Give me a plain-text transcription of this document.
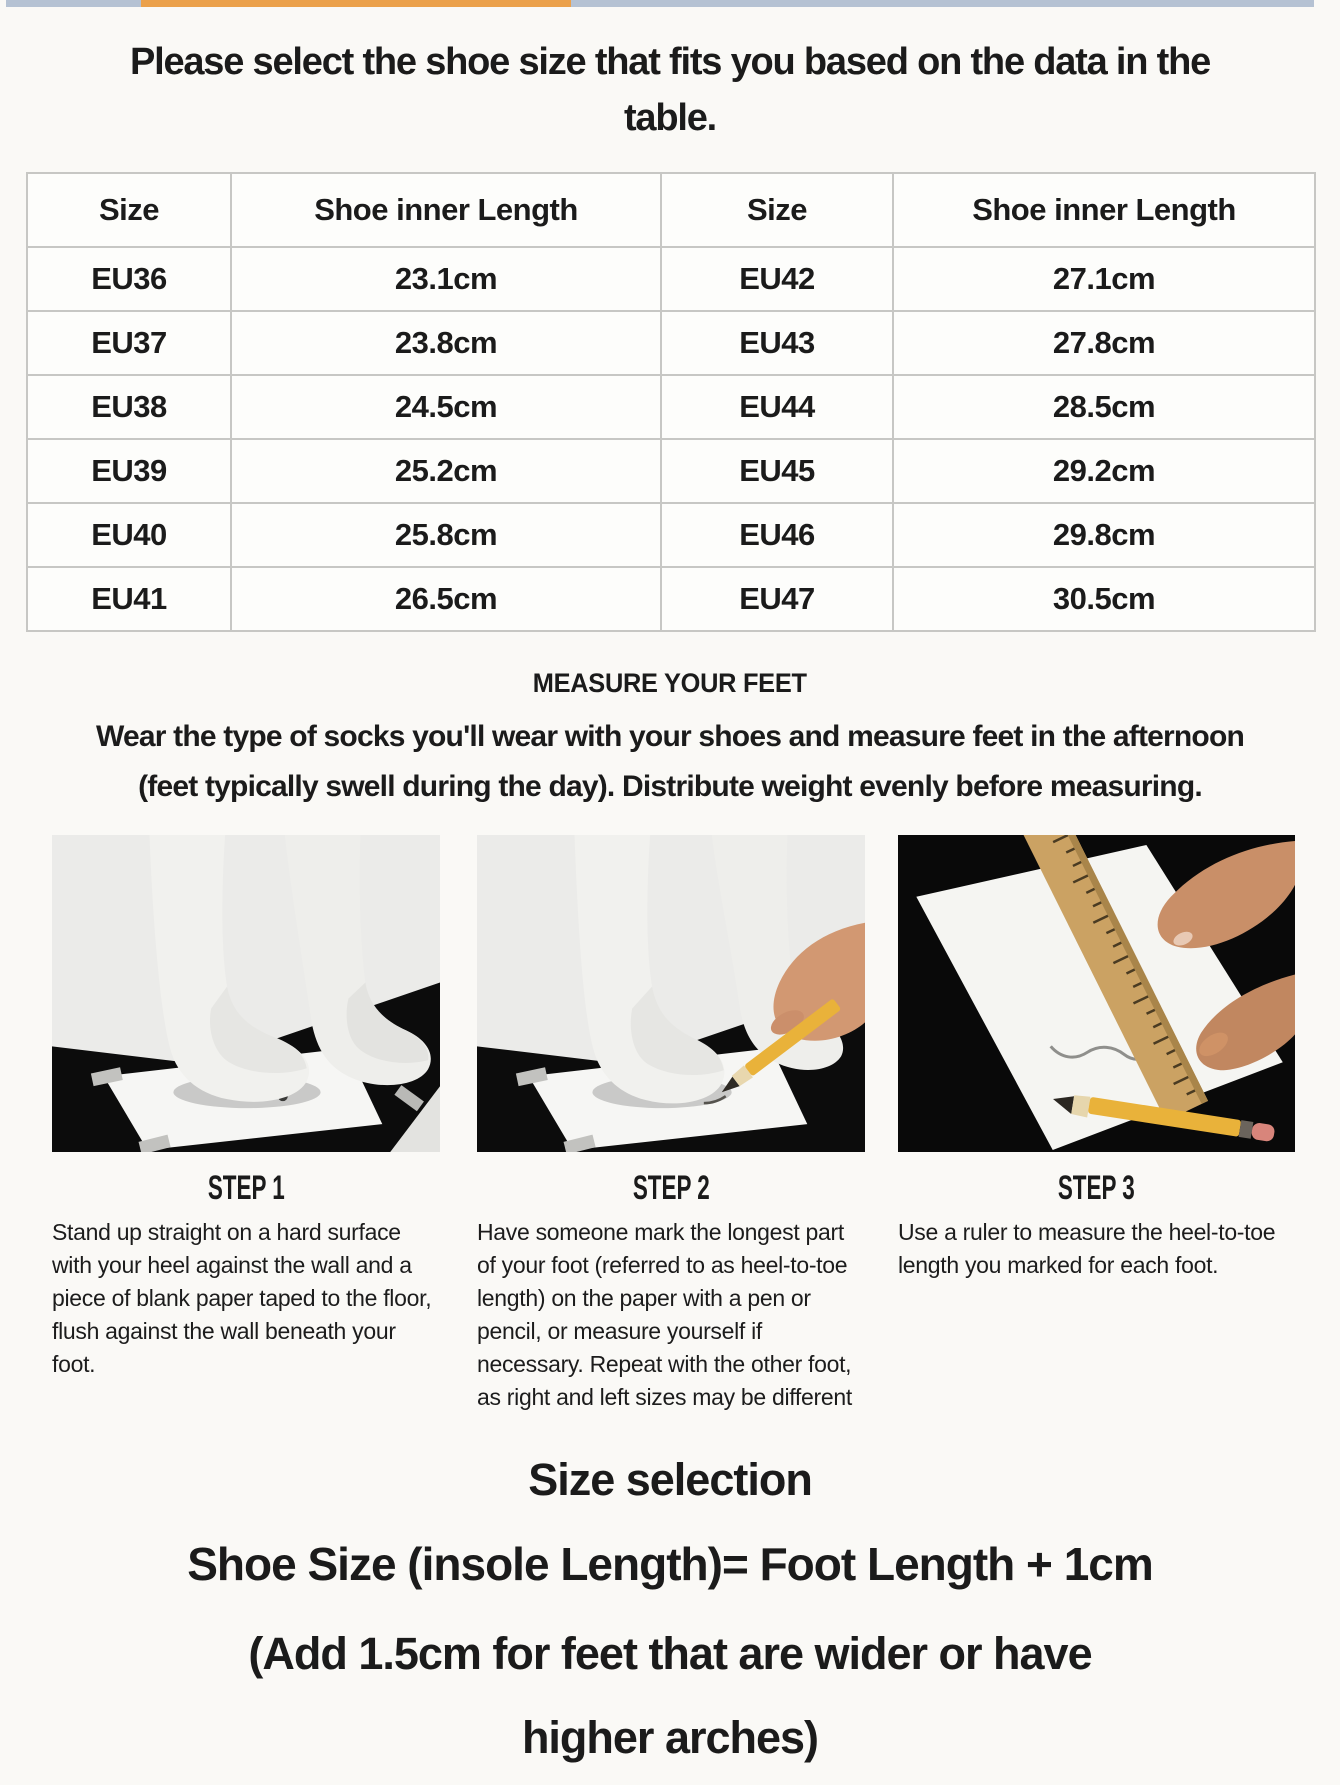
Please select the shoe size that fits you based on the data in the
table.
Size	Shoe inner Length	Size	Shoe inner Length
EU36	23.1cm	EU42	27.1cm
EU37	23.8cm	EU43	27.8cm
EU38	24.5cm	EU44	28.5cm
EU39	25.2cm	EU45	29.2cm
EU40	25.8cm	EU46	29.8cm
EU41	26.5cm	EU47	30.5cm
MEASURE YOUR FEET
Wear the type of socks you'll wear with your shoes and measure feet in the afternoon
(feet typically swell during the day). Distribute weight evenly before measuring.
STEP 1
Stand up straight on a hard surface with your heel against the wall and a piece of blank paper taped to the floor, flush against the wall beneath your foot.
STEP 2
Have someone mark the longest part of your foot (referred to as heel-to-toe length) on the paper with a pen or pencil, or measure yourself if necessary. Repeat with the other foot, as right and left sizes may be different
STEP 3
Use a ruler to measure the heel-to-toe length you marked for each foot.
Size selection
Shoe Size (insole Length)= Foot Length + 1cm
(Add 1.5cm for feet that are wider or have
higher arches)
